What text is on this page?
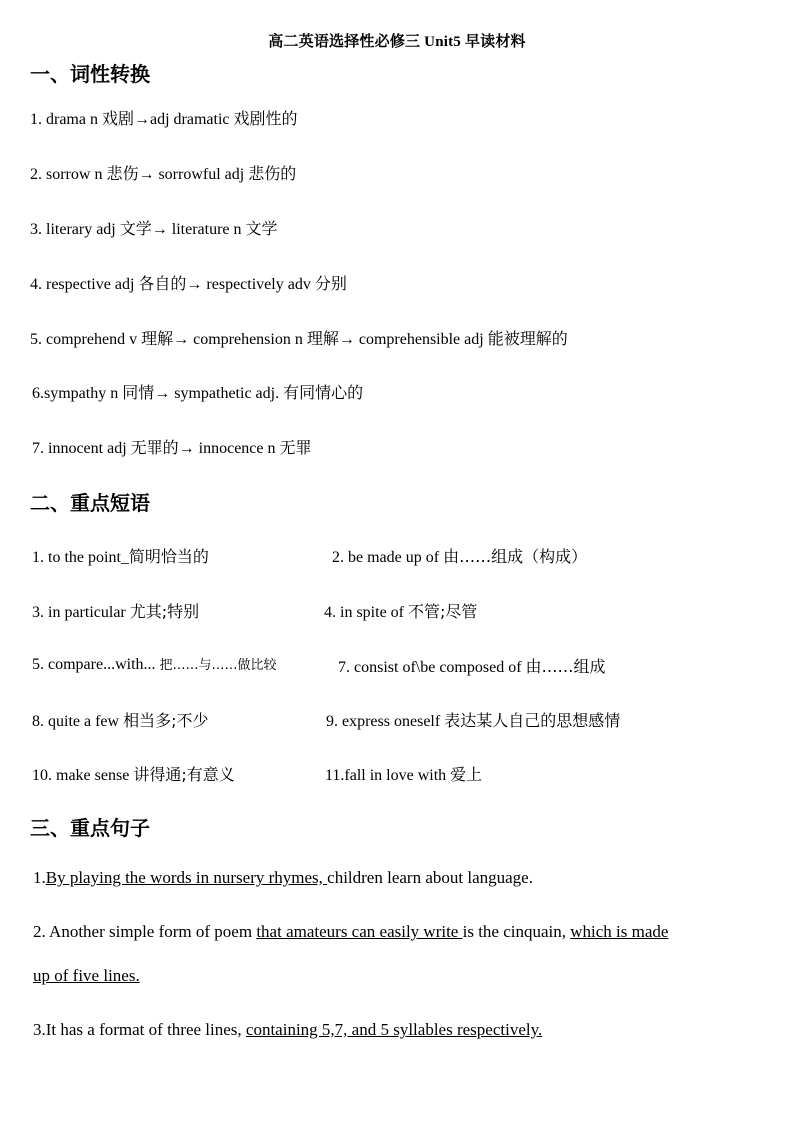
高二英语选择性必修三 Unit5 早读材料
一、词性转换
1. drama n 戏剧→adj dramatic 戏剧性的
2. sorrow n 悲伤→ sorrowful adj 悲伤的
3. literary adj 文学→ literature n 文学
4. respective adj 各自的→ respectively adv 分别
5. comprehend v 理解→ comprehension n 理解→ comprehensible adj 能被理解的
6.sympathy n 同情→ sympathetic adj. 有同情心的
7. innocent adj 无罪的→ innocence n 无罪
二、重点短语
1. to the point_简明恰当的	2. be made up of 由……组成（构成）
3. in particular 尤其;特别	4. in spite of 不管;尽管
5. compare...with... 把……与……做比较	7. consist of\be composed of 由……组成
8. quite a few 相当多;不少	9. express oneself 表达某人自己的思想感情
10. make sense 讲得通;有意义	11.fall in love with 爱上
三、重点句子
1.By playing the words in nursery rhymes, children learn about language.
2. Another simple form of poem that amateurs can easily write is the cinquain, which is made
up of five lines.
3.It has a format of three lines, containing 5,7, and 5 syllables respectively.
